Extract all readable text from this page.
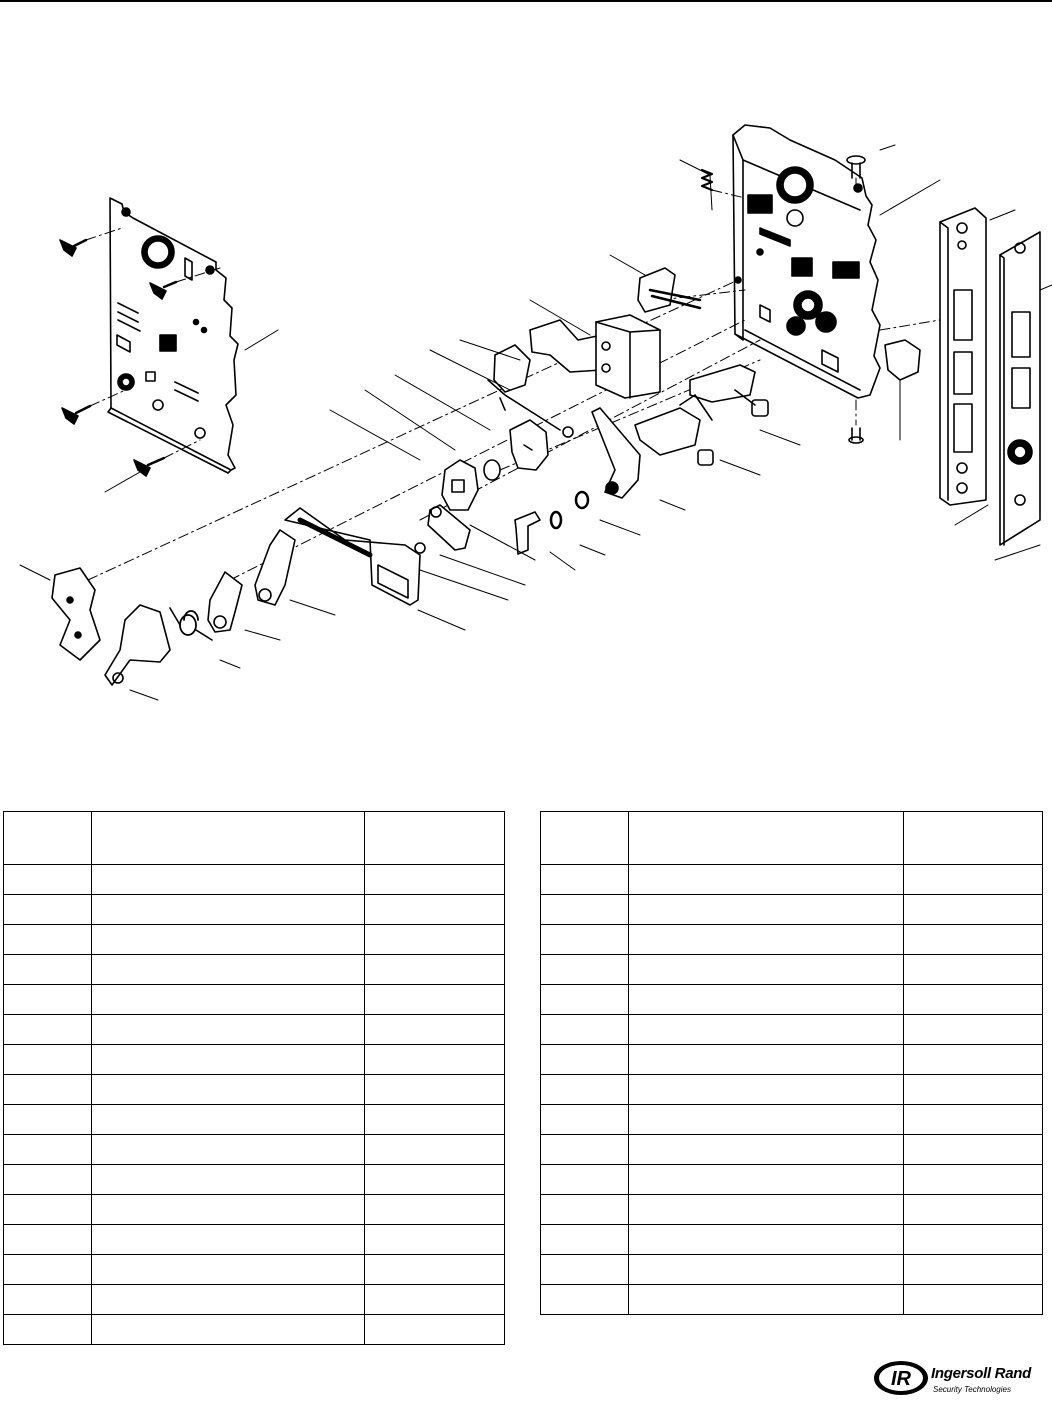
IR Ingersoll Rand
Security Technologies
